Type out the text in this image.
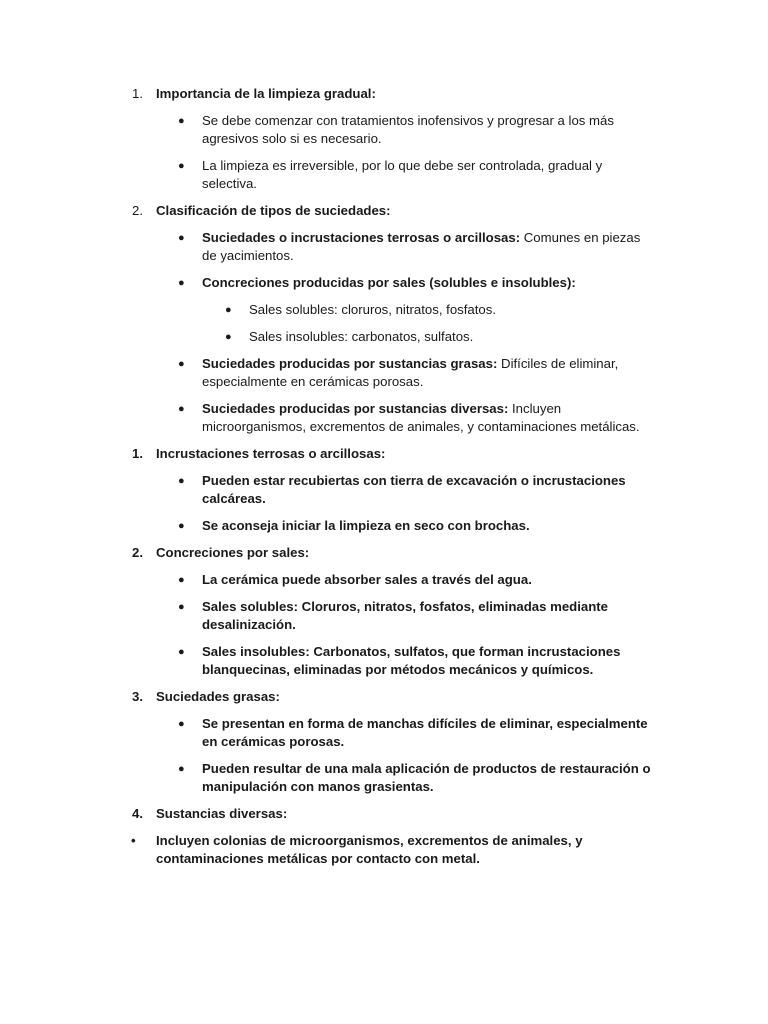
1. Importancia de la limpieza gradual:
● Se debe comenzar con tratamientos inofensivos y progresar a los más agresivos solo si es necesario.
● La limpieza es irreversible, por lo que debe ser controlada, gradual y selectiva.
2. Clasificación de tipos de suciedades:
● Suciedades o incrustaciones terrosas o arcillosas: Comunes en piezas de yacimientos.
● Concreciones producidas por sales (solubles e insolubles):
● Sales solubles: cloruros, nitratos, fosfatos.
● Sales insolubles: carbonatos, sulfatos.
● Suciedades producidas por sustancias grasas: Difíciles de eliminar, especialmente en cerámicas porosas.
● Suciedades producidas por sustancias diversas: Incluyen microorganismos, excrementos de animales, y contaminaciones metálicas.
1. Incrustaciones terrosas o arcillosas:
● Pueden estar recubiertas con tierra de excavación o incrustaciones calcáreas.
● Se aconseja iniciar la limpieza en seco con brochas.
2. Concreciones por sales:
● La cerámica puede absorber sales a través del agua.
● Sales solubles: Cloruros, nitratos, fosfatos, eliminadas mediante desalinización.
● Sales insolubles: Carbonatos, sulfatos, que forman incrustaciones blanquecinas, eliminadas por métodos mecánicos y químicos.
3. Suciedades grasas:
● Se presentan en forma de manchas difíciles de eliminar, especialmente en cerámicas porosas.
● Pueden resultar de una mala aplicación de productos de restauración o manipulación con manos grasientas.
4. Sustancias diversas:
•	Incluyen colonias de microorganismos, excrementos de animales, y contaminaciones metálicas por contacto con metal.
